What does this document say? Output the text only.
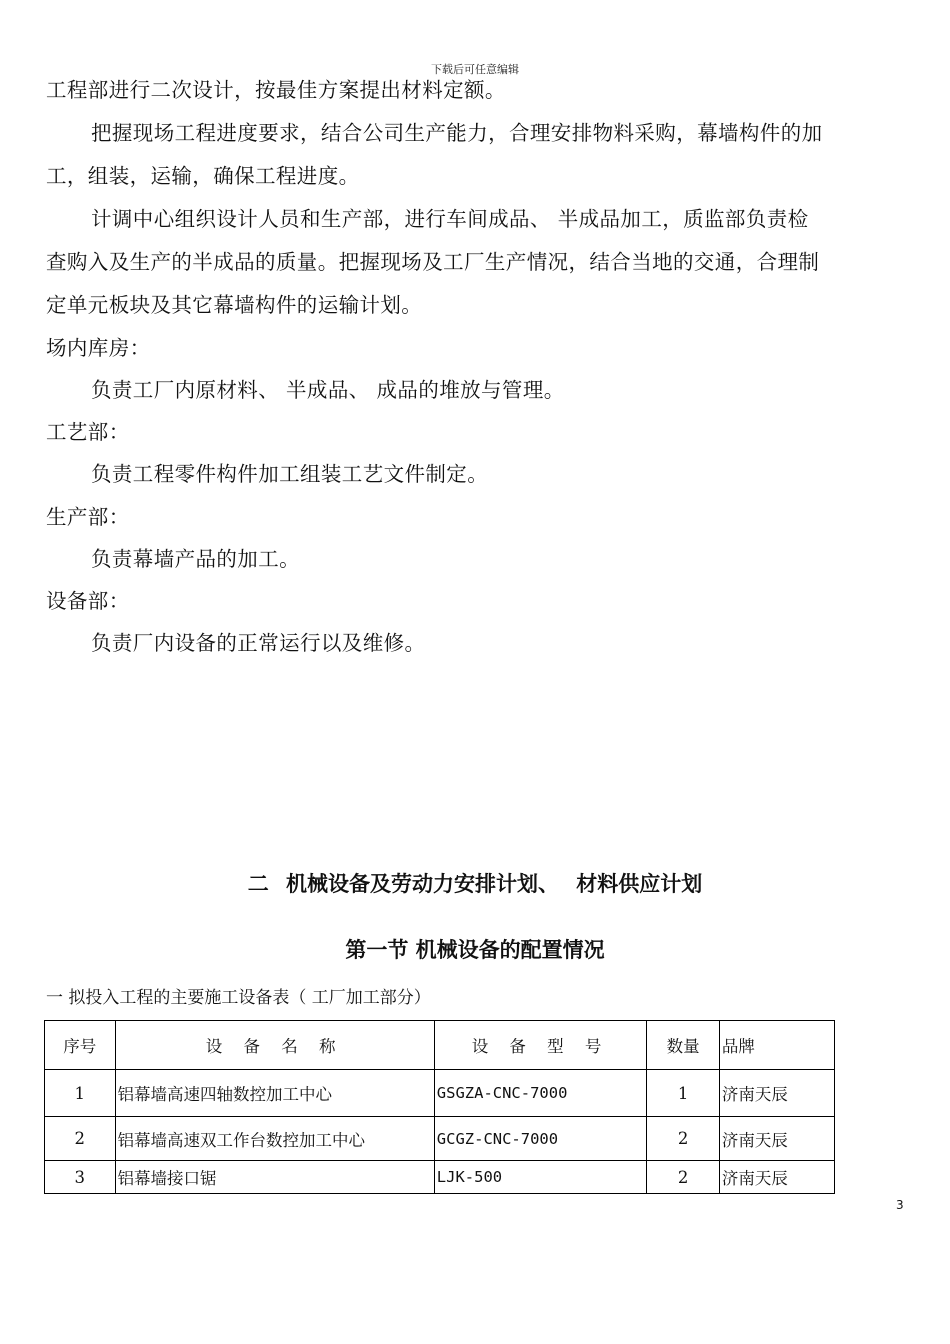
下载后可任意编辑

工程部进行二次设计，按最佳方案提出材料定额。

把握现场工程进度要求，结合公司生产能力，合理安排物料采购，幕墙构件的加

工，组装，运输，确保工程进度。

计调中心组织设计人员和生产部，进行车间成品、 半成品加工，质监部负责检

查购入及生产的半成品的质量。把握现场及工厂生产情况，结合当地的交通，合理制

定单元板块及其它幕墙构件的运输计划。

场内库房：

负责工厂内原材料、 半成品、 成品的堆放与管理。

工艺部：

负责工程零件构件加工组装工艺文件制定。

生产部：

负责幕墙产品的加工。

设备部：

负责厂内设备的正常运行以及维修。

二 机械设备及劳动力安排计划、 材料供应计划
第一节 机械设备的配置情况
一 拟投入工程的主要施工设备表（ 工厂加工部分）
序号	设 备 名 称	设 备 型 号	数量	品牌
1	铝幕墙高速四轴数控加工中心	GSGZA-CNC-7000	1	济南天辰
2	铝幕墙高速双工作台数控加工中心	GCGZ-CNC-7000	2	济南天辰
3	铝幕墙接口锯	LJK-500	2	济南天辰
3
